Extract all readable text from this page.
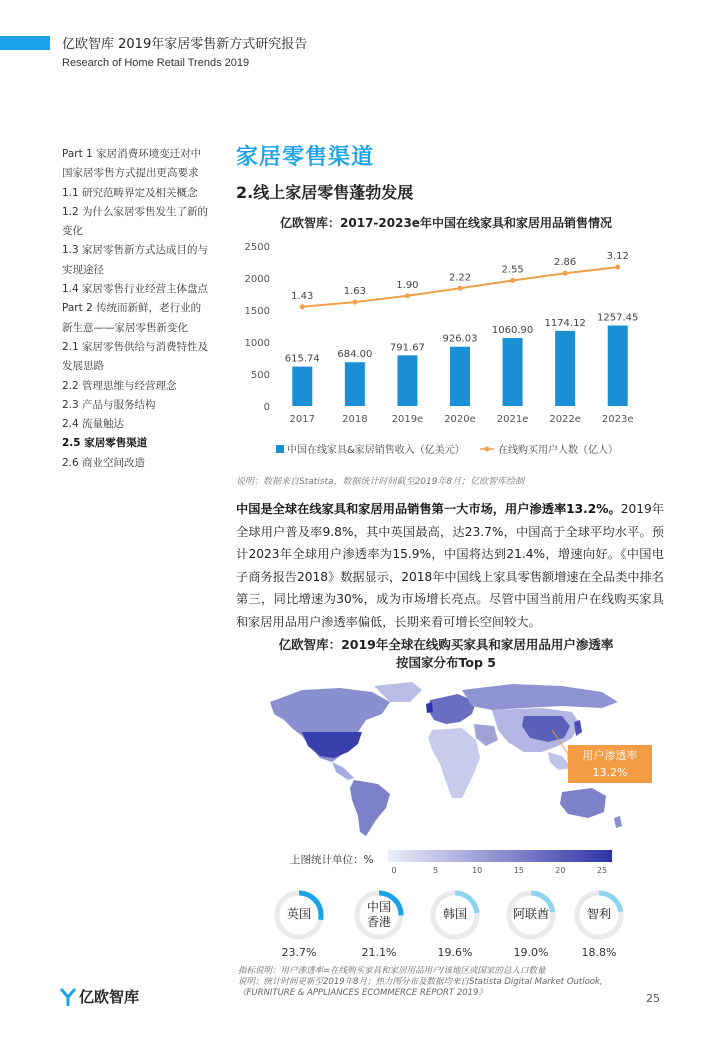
亿欧智库 2019年家居零售新方式研究报告
Research of Home Retail Trends 2019
Part 1 家居消费环境变迁对中
国家居零售方式提出更高要求
1.1 研究范畴界定及相关概念
1.2 为什么家居零售发生了新的
变化
1.3 家居零售新方式达成目的与
实现途径
1.4 家居零售行业经营主体盘点
Part 2 传统而新鲜，老行业的
新生意——家居零售新变化
2.1 家居零售供给与消费特性及
发展思路
2.2 管理思维与经营理念
2.3 产品与服务结构
2.4 流量触达
2.5 家居零售渠道
2.6 商业空间改造
家居零售渠道
2.线上家居零售蓬勃发展
亿欧智库：2017-2023e年中国在线家具和家居用品销售情况
0
500
1000
1500
2000
2500
615.74
2017
684.00
2018
791.67
2019e
926.03
2020e
1060.90
2021e
1174.12
2022e
1257.45
2023e
1.43	1.63
1.90
2.22
2.55
2.86
3.12
中国在线家具&家居销售收入（亿美元）	在线购买用户人数（亿人）
说明：数据来自Statista，数据统计时间截至2019年8月；亿欧智库绘制
中国是全球在线家具和家居用品销售第一大市场，用户渗透率13.2%。2019年全球用户普及率9.8%，其中英国最高，达23.7%，中国高于全球平均水平。预计2023年全球用户渗透率为15.9%，中国将达到21.4%，增速向好。《中国电子商务报告2018》数据显示，2018年中国线上家具零售额增速在全品类中排名第三，同比增速为30%，成为市场增长亮点。尽管中国当前用户在线购买家具和家居用品用户渗透率偏低，长期来看可增长空间较大。
亿欧智库：2019年全球在线购买家具和家居用品用户渗透率
按国家分布Top 5
用户渗透率
13.2%
上图统计单位：%
0	5	10	15	20	25
英国
23.7%
中国
香港
21.1%
韩国
19.6%
阿联酋
19.0%
智利
18.8%
指标说明：用户渗透率=在线购买家具和家居用品用户/该地区或国家的总人口数量
说明：统计时间更新至2019年8月；热力图分布及数据均来自Statista Digital Market Outlook,
《FURNITURE & APPLIANCES ECOMMERCE REPORT 2019》
亿欧智库	25
